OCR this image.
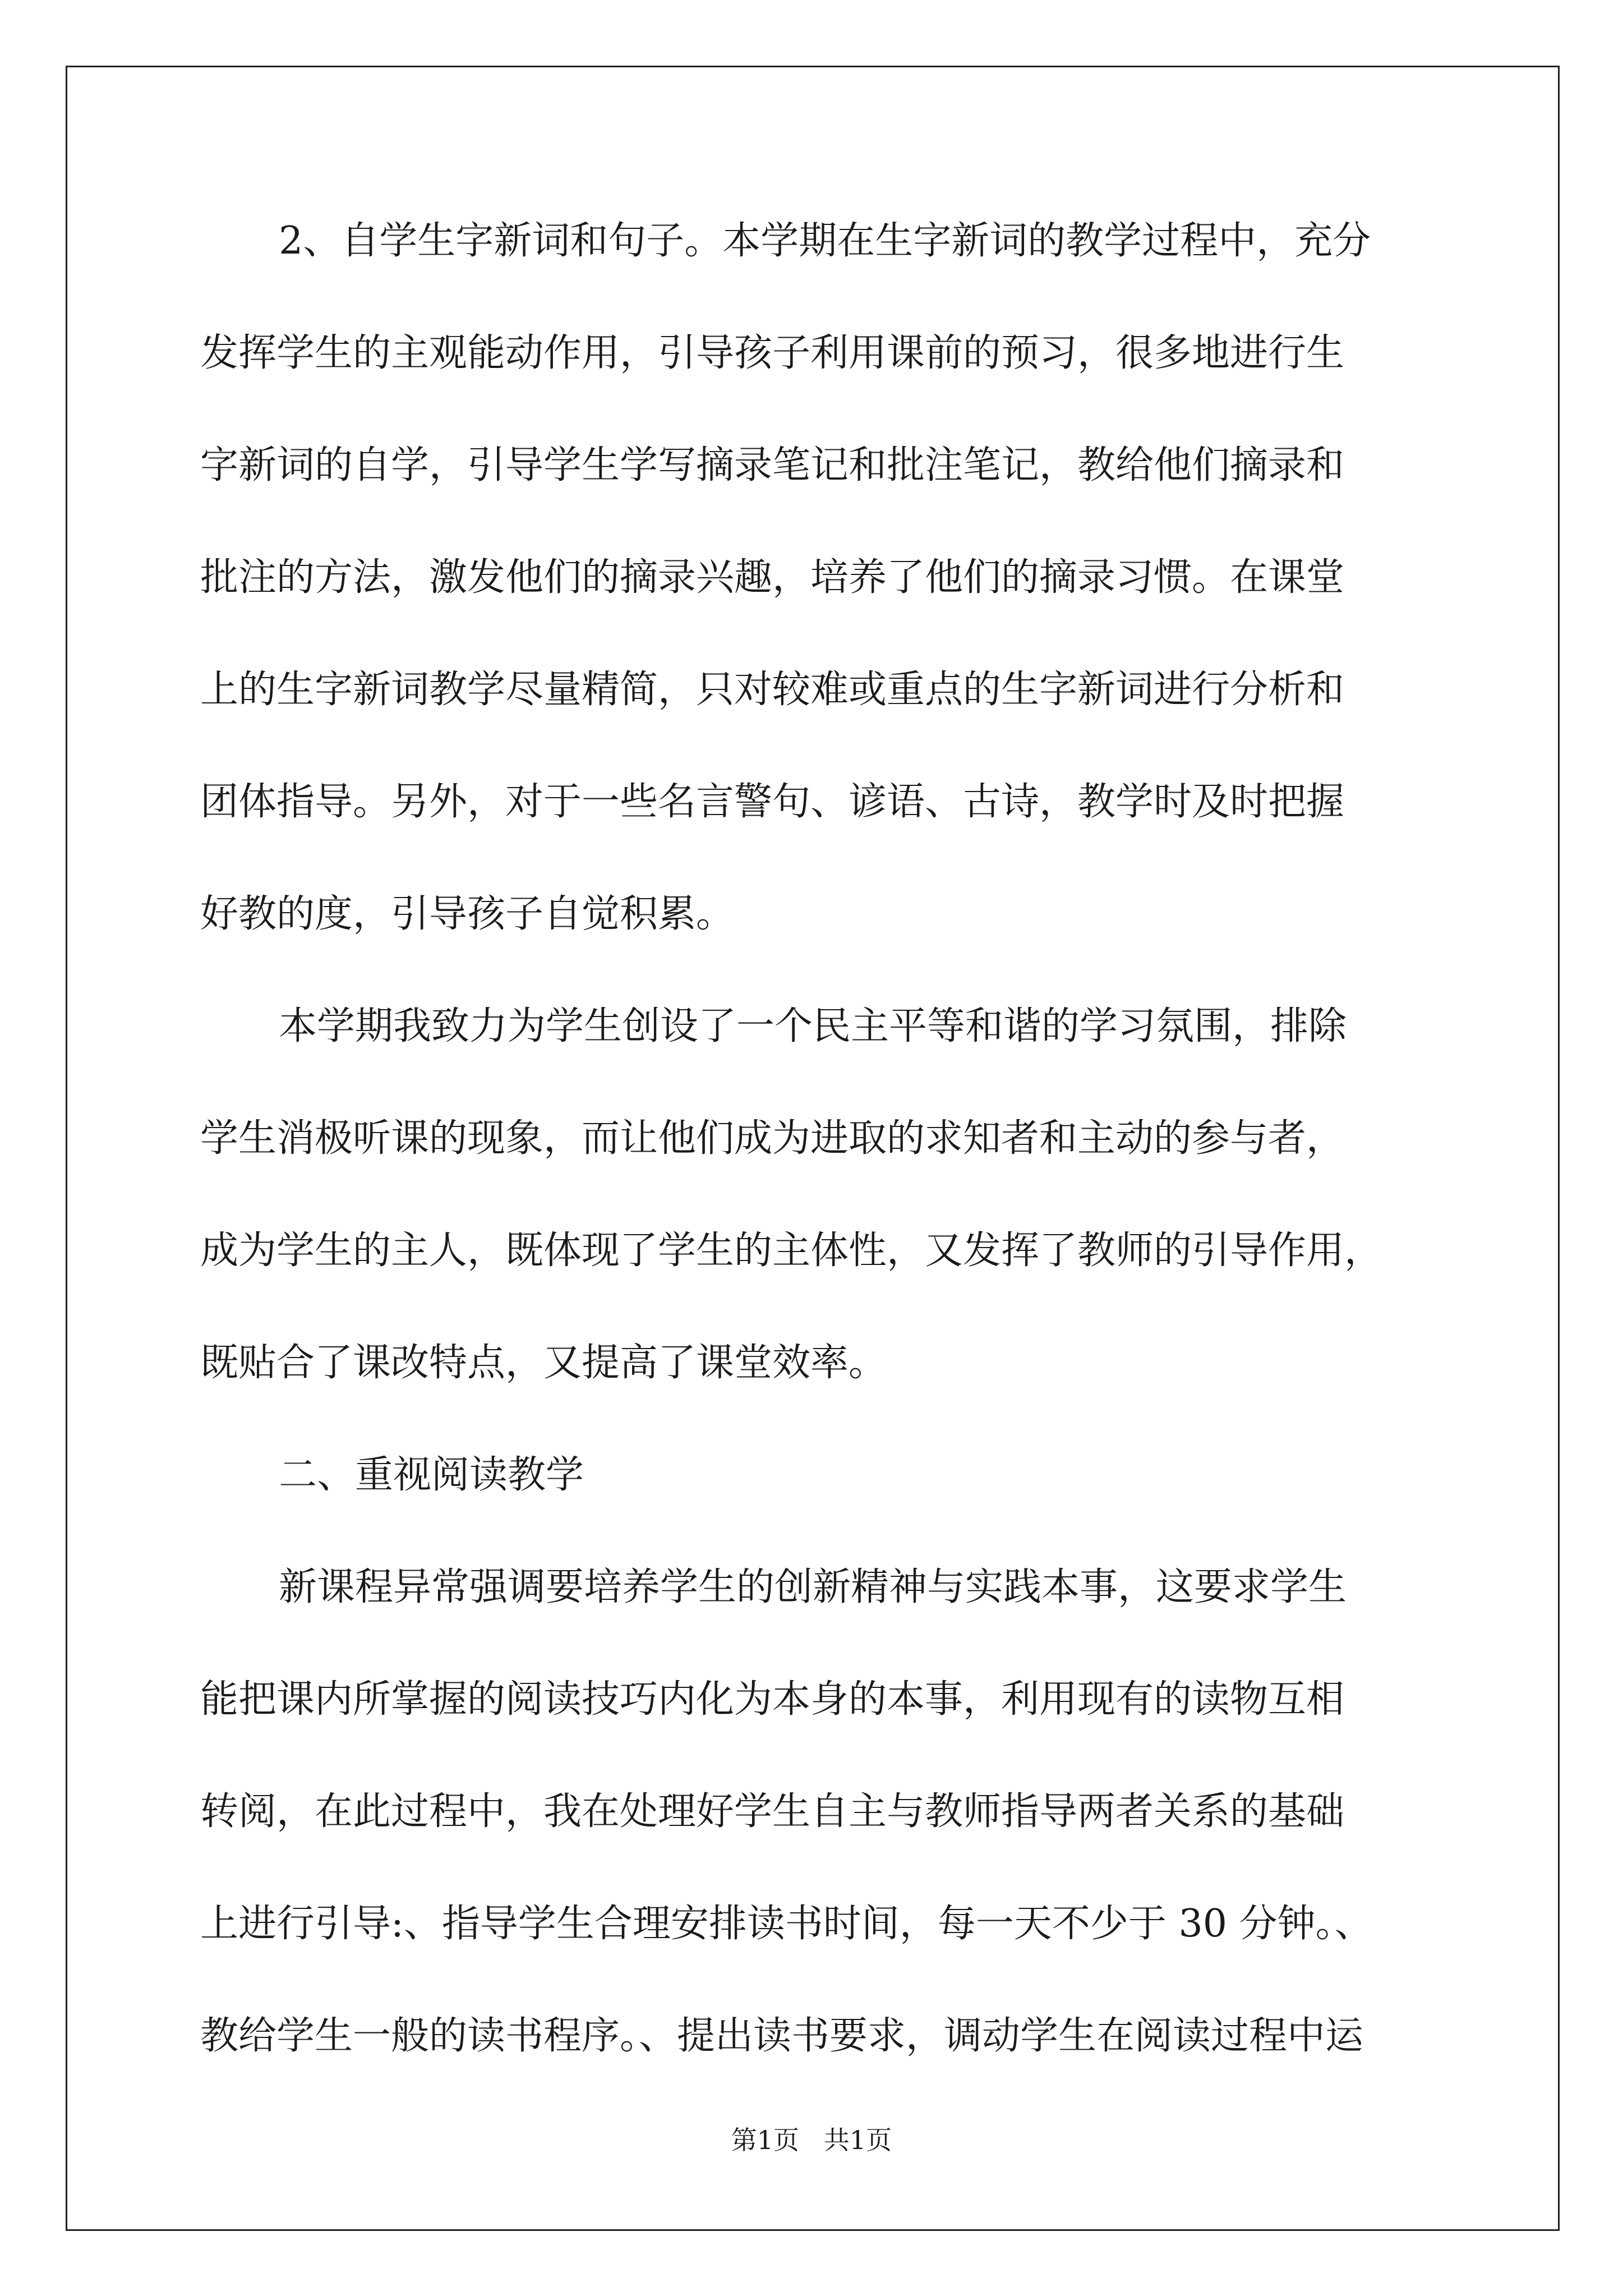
2、自学生字新词和句子。本学期在生字新词的教学过程中，充分
发挥学生的主观能动作用，引导孩子利用课前的预习，很多地进行生
字新词的自学，引导学生学写摘录笔记和批注笔记，教给他们摘录和
批注的方法，激发他们的摘录兴趣，培养了他们的摘录习惯。在课堂
上的生字新词教学尽量精简，只对较难或重点的生字新词进行分析和
团体指导。另外，对于一些名言警句、谚语、古诗，教学时及时把握
好教的度，引导孩子自觉积累。
本学期我致力为学生创设了一个民主平等和谐的学习氛围，排除
学生消极听课的现象，而让他们成为进取的求知者和主动的参与者，
成为学生的主人，既体现了学生的主体性，又发挥了教师的引导作用，
既贴合了课改特点，又提高了课堂效率。
二、重视阅读教学
新课程异常强调要培养学生的创新精神与实践本事，这要求学生
能把课内所掌握的阅读技巧内化为本身的本事，利用现有的读物互相
转阅，在此过程中，我在处理好学生自主与教师指导两者关系的基础
上进行引导:、指导学生合理安排读书时间，每一天不少于 30 分钟。、
教给学生一般的读书程序。、提出读书要求，调动学生在阅读过程中运
第1页   共1页
